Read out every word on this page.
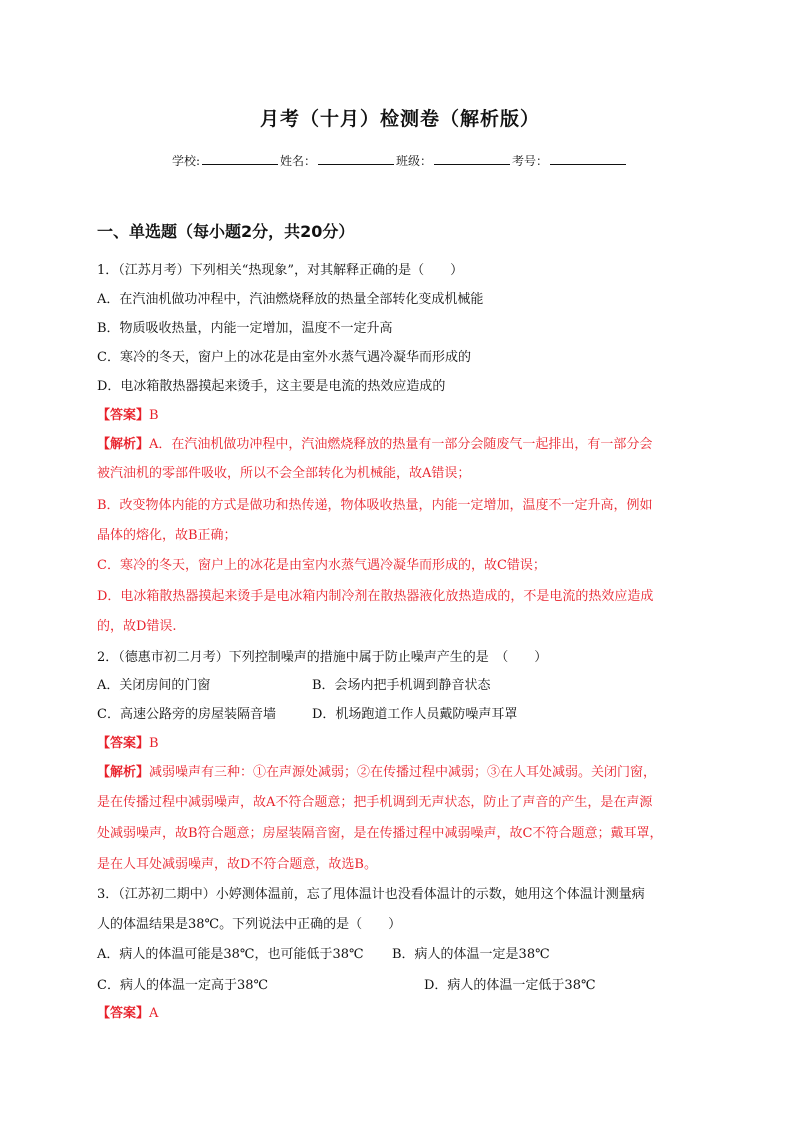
月考（十月）检测卷（解析版）
学校:	姓名：	班级：	考号：
一、单选题（每小题2分，共20分）
1．（江苏月考）下列相关“热现象”，对其解释正确的是（　　）
A．在汽油机做功冲程中，汽油燃烧释放的热量全部转化变成机械能
B．物质吸收热量，内能一定增加，温度不一定升高
C．寒冷的冬天，窗户上的冰花是由室外水蒸气遇冷凝华而形成的
D．电冰箱散热器摸起来烫手，这主要是电流的热效应造成的
【答案】B
【解析】A．在汽油机做功冲程中，汽油燃烧释放的热量有一部分会随废气一起排出，有一部分会
被汽油机的零部件吸收，所以不会全部转化为机械能，故A错误；
B．改变物体内能的方式是做功和热传递，物体吸收热量，内能一定增加，温度不一定升高，例如
晶体的熔化，故B正确；
C．寒冷的冬天，窗户上的冰花是由室内水蒸气遇冷凝华而形成的，故C错误；
D．电冰箱散热器摸起来烫手是电冰箱内制冷剂在散热器液化放热造成的，不是电流的热效应造成
的，故D错误.
2．（德惠市初二月考）下列控制噪声的措施中属于防止噪声产生的是　（　　）
A．关闭房间的门窗	B．会场内把手机调到静音状态
C．高速公路旁的房屋装隔音墙	D．机场跑道工作人员戴防噪声耳罩
【答案】B
【解析】减弱噪声有三种：①在声源处减弱；②在传播过程中减弱；③在人耳处减弱。关闭门窗，
是在传播过程中减弱噪声，故A不符合题意；把手机调到无声状态，防止了声音的产生，是在声源
处减弱噪声，故B符合题意；房屋装隔音窗，是在传播过程中减弱噪声，故C不符合题意；戴耳罩，
是在人耳处减弱噪声，故D不符合题意，故选B。
3．（江苏初二期中）小婷测体温前，忘了甩体温计也没看体温计的示数，她用这个体温计测量病
人的体温结果是38℃。下列说法中正确的是（　　）
A．病人的体温可能是38℃，也可能低于38℃ B．病人的体温一定是38℃
C．病人的体温一定高于38℃	D．病人的体温一定低于38℃
【答案】A
